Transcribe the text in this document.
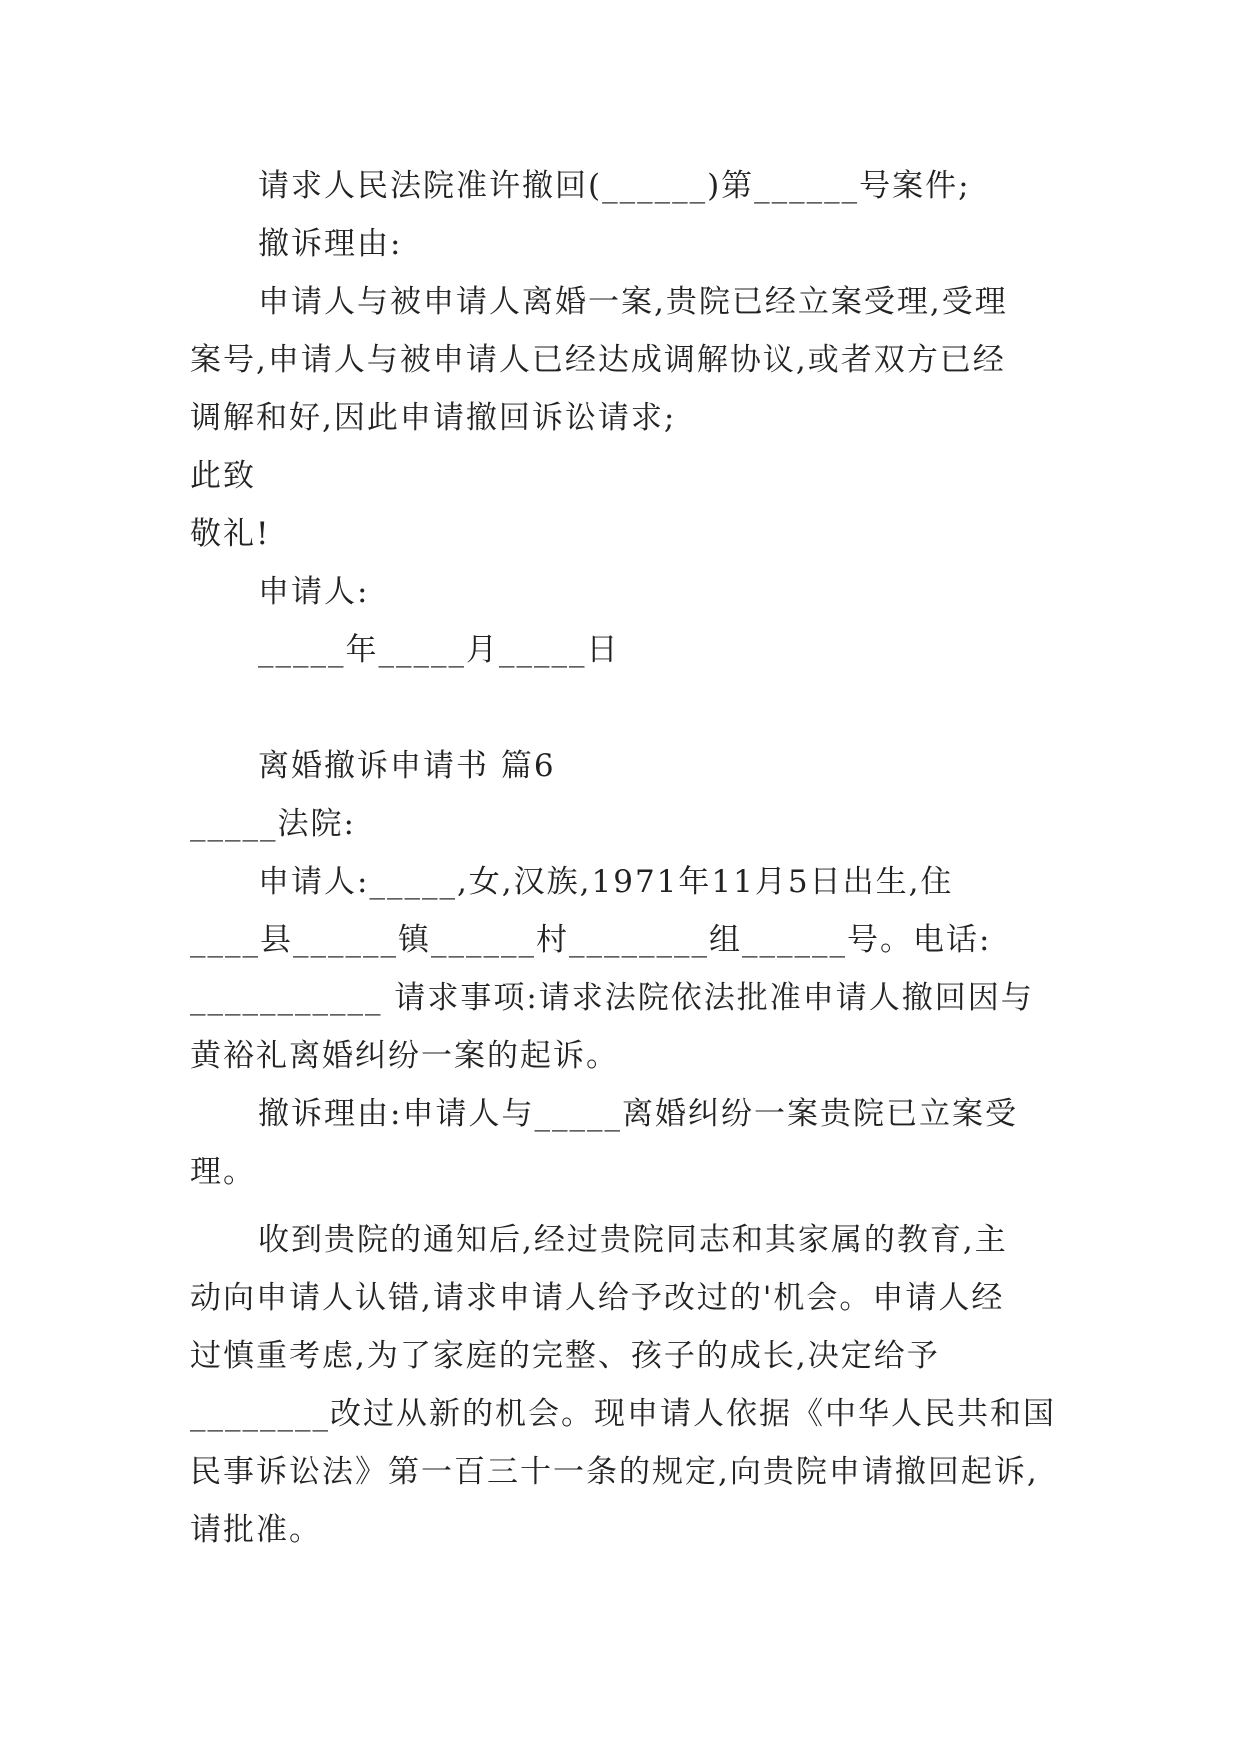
请求人民法院准许撤回(______)第______号案件;
撤诉理由:
申请人与被申请人离婚一案,贵院已经立案受理,受理
案号,申请人与被申请人已经达成调解协议,或者双方已经
调解和好,因此申请撤回诉讼请求;
此致
敬礼!
申请人:
_____年_____月_____日
离婚撤诉申请书 篇6
_____法院:
申请人:_____,女,汉族,1971年11月5日出生,住
____县______镇______村________组______号。电话:
___________ 请求事项:请求法院依法批准申请人撤回因与
黄裕礼离婚纠纷一案的起诉。
撤诉理由:申请人与_____离婚纠纷一案贵院已立案受
理。
收到贵院的通知后,经过贵院同志和其家属的教育,主
动向申请人认错,请求申请人给予改过的'机会。申请人经
过慎重考虑,为了家庭的完整、孩子的成长,决定给予
________改过从新的机会。现申请人依据《中华人民共和国
民事诉讼法》第一百三十一条的规定,向贵院申请撤回起诉,
请批准。
